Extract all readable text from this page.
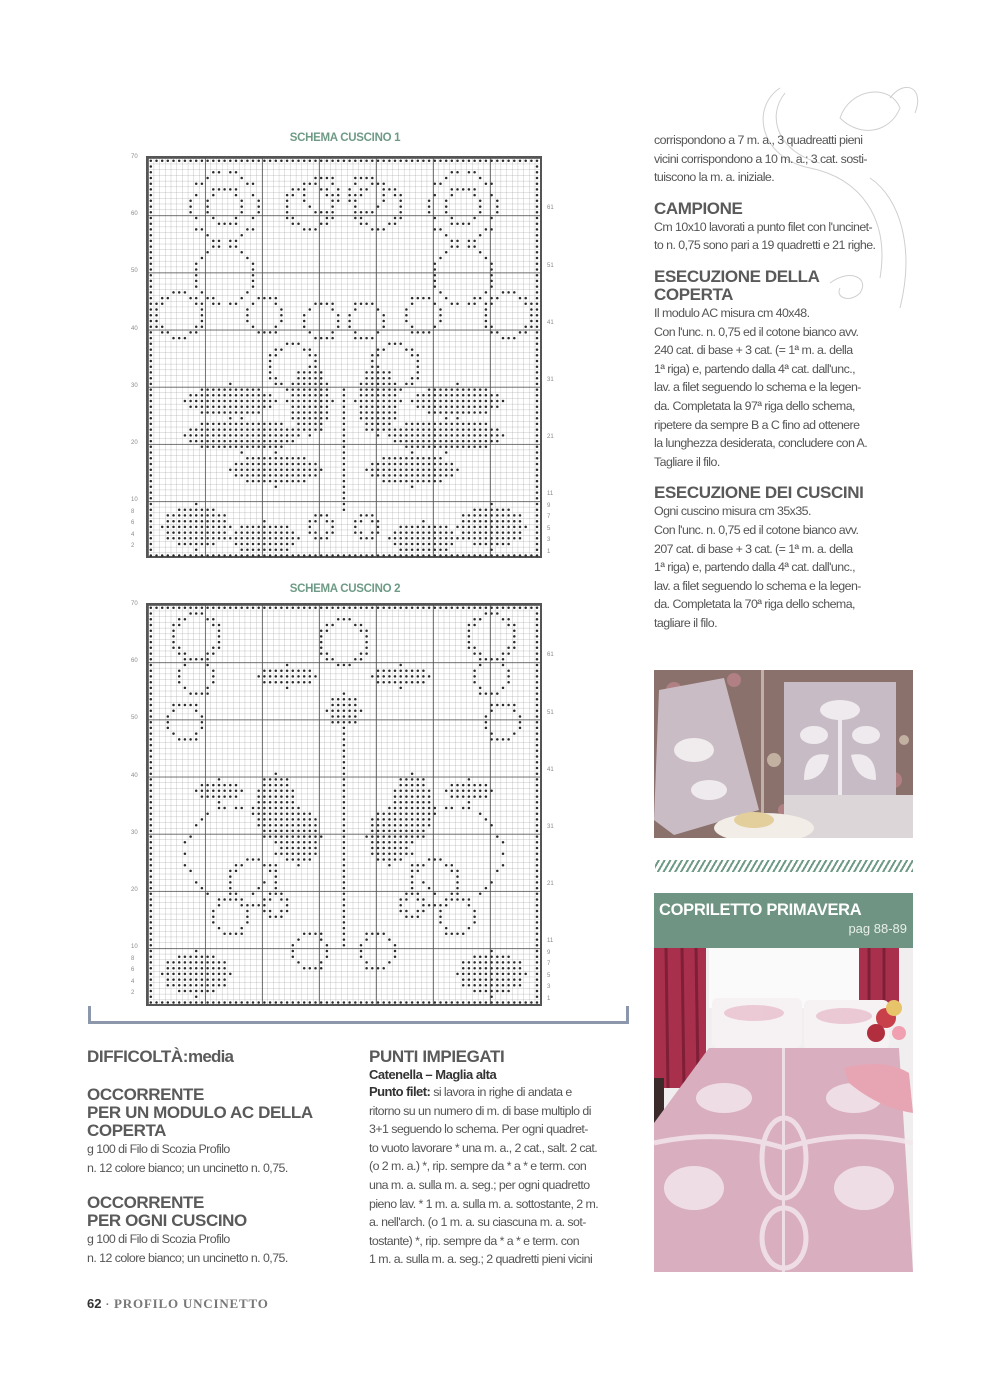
SCHEMA CUSCINO 1
SCHEMA CUSCINO 2
DIFFICOLTÀ:media
OCCORRENTE
PER UN MODULO AC DELLA
COPERTA
g 100 di Filo di Scozia Profilo
n. 12 colore bianco; un uncinetto n. 0,75.
OCCORRENTE
PER OGNI CUSCINO
g 100 di Filo di Scozia Profilo
n. 12 colore bianco; un uncinetto n. 0,75.
62 · PROFILO UNCINETTO
PUNTI IMPIEGATI
Catenella – Maglia alta
Punto filet: si lavora in righe di andata e
ritorno su un numero di m. di base multiplo di
3+1 seguendo lo schema. Per ogni quadret-
to vuoto lavorare * una m. a., 2 cat., salt. 2 cat.
(o 2 m. a.) *, rip. sempre da * a * e term. con
una m. a. sulla m. a. seg.; per ogni quadretto
pieno lav. * 1 m. a. sulla m. a. sottostante, 2 m.
a. nell'arch. (o 1 m. a. su ciascuna m. a. sot-
tostante) *, rip. sempre da * a * e term. con
1 m. a. sulla m. a. seg.; 2 quadretti pieni vicini
corrispondono a 7 m. a., 3 quadreatti pieni
vicini corrispondono a 10 m. a.; 3 cat. sosti-
tuiscono la m. a. iniziale.
CAMPIONE
Cm 10x10 lavorati a punto filet con l'uncinet-
to n. 0,75 sono pari a 19 quadretti e 21 righe.
ESECUZIONE DELLA
COPERTA
Il modulo AC misura cm 40x48.
Con l'unc. n. 0,75 ed il cotone bianco avv.
240 cat. di base + 3 cat. (= 1ª m. a. della
1ª riga) e, partendo dalla 4ª cat. dall'unc.,
lav. a filet seguendo lo schema e la legen-
da. Completata la 97ª riga dello schema,
ripetere da sempre B a C fino ad ottenere
la lunghezza desiderata, concludere con A.
Tagliare il filo.
ESECUZIONE DEI CUSCINI
Ogni cuscino misura cm 35x35.
Con l'unc. n. 0,75 ed il cotone bianco avv.
207 cat. di base + 3 cat. (= 1ª m. a. della
1ª riga) e, partendo dalla 4ª cat. dall'unc.,
lav. a filet seguendo lo schema e la legen-
da. Completata la 70ª riga dello schema,
tagliare il filo.
COPRILETTO PRIMAVERA
pag 88-89
70
60
50
40
30
20
10
8
6
4
2
61
51
41
31
21
11
9
7
5
3
1
70
60
50
40
30
20
10
8
6
4
2
61
51
41
31
21
11
9
7
5
3
1
